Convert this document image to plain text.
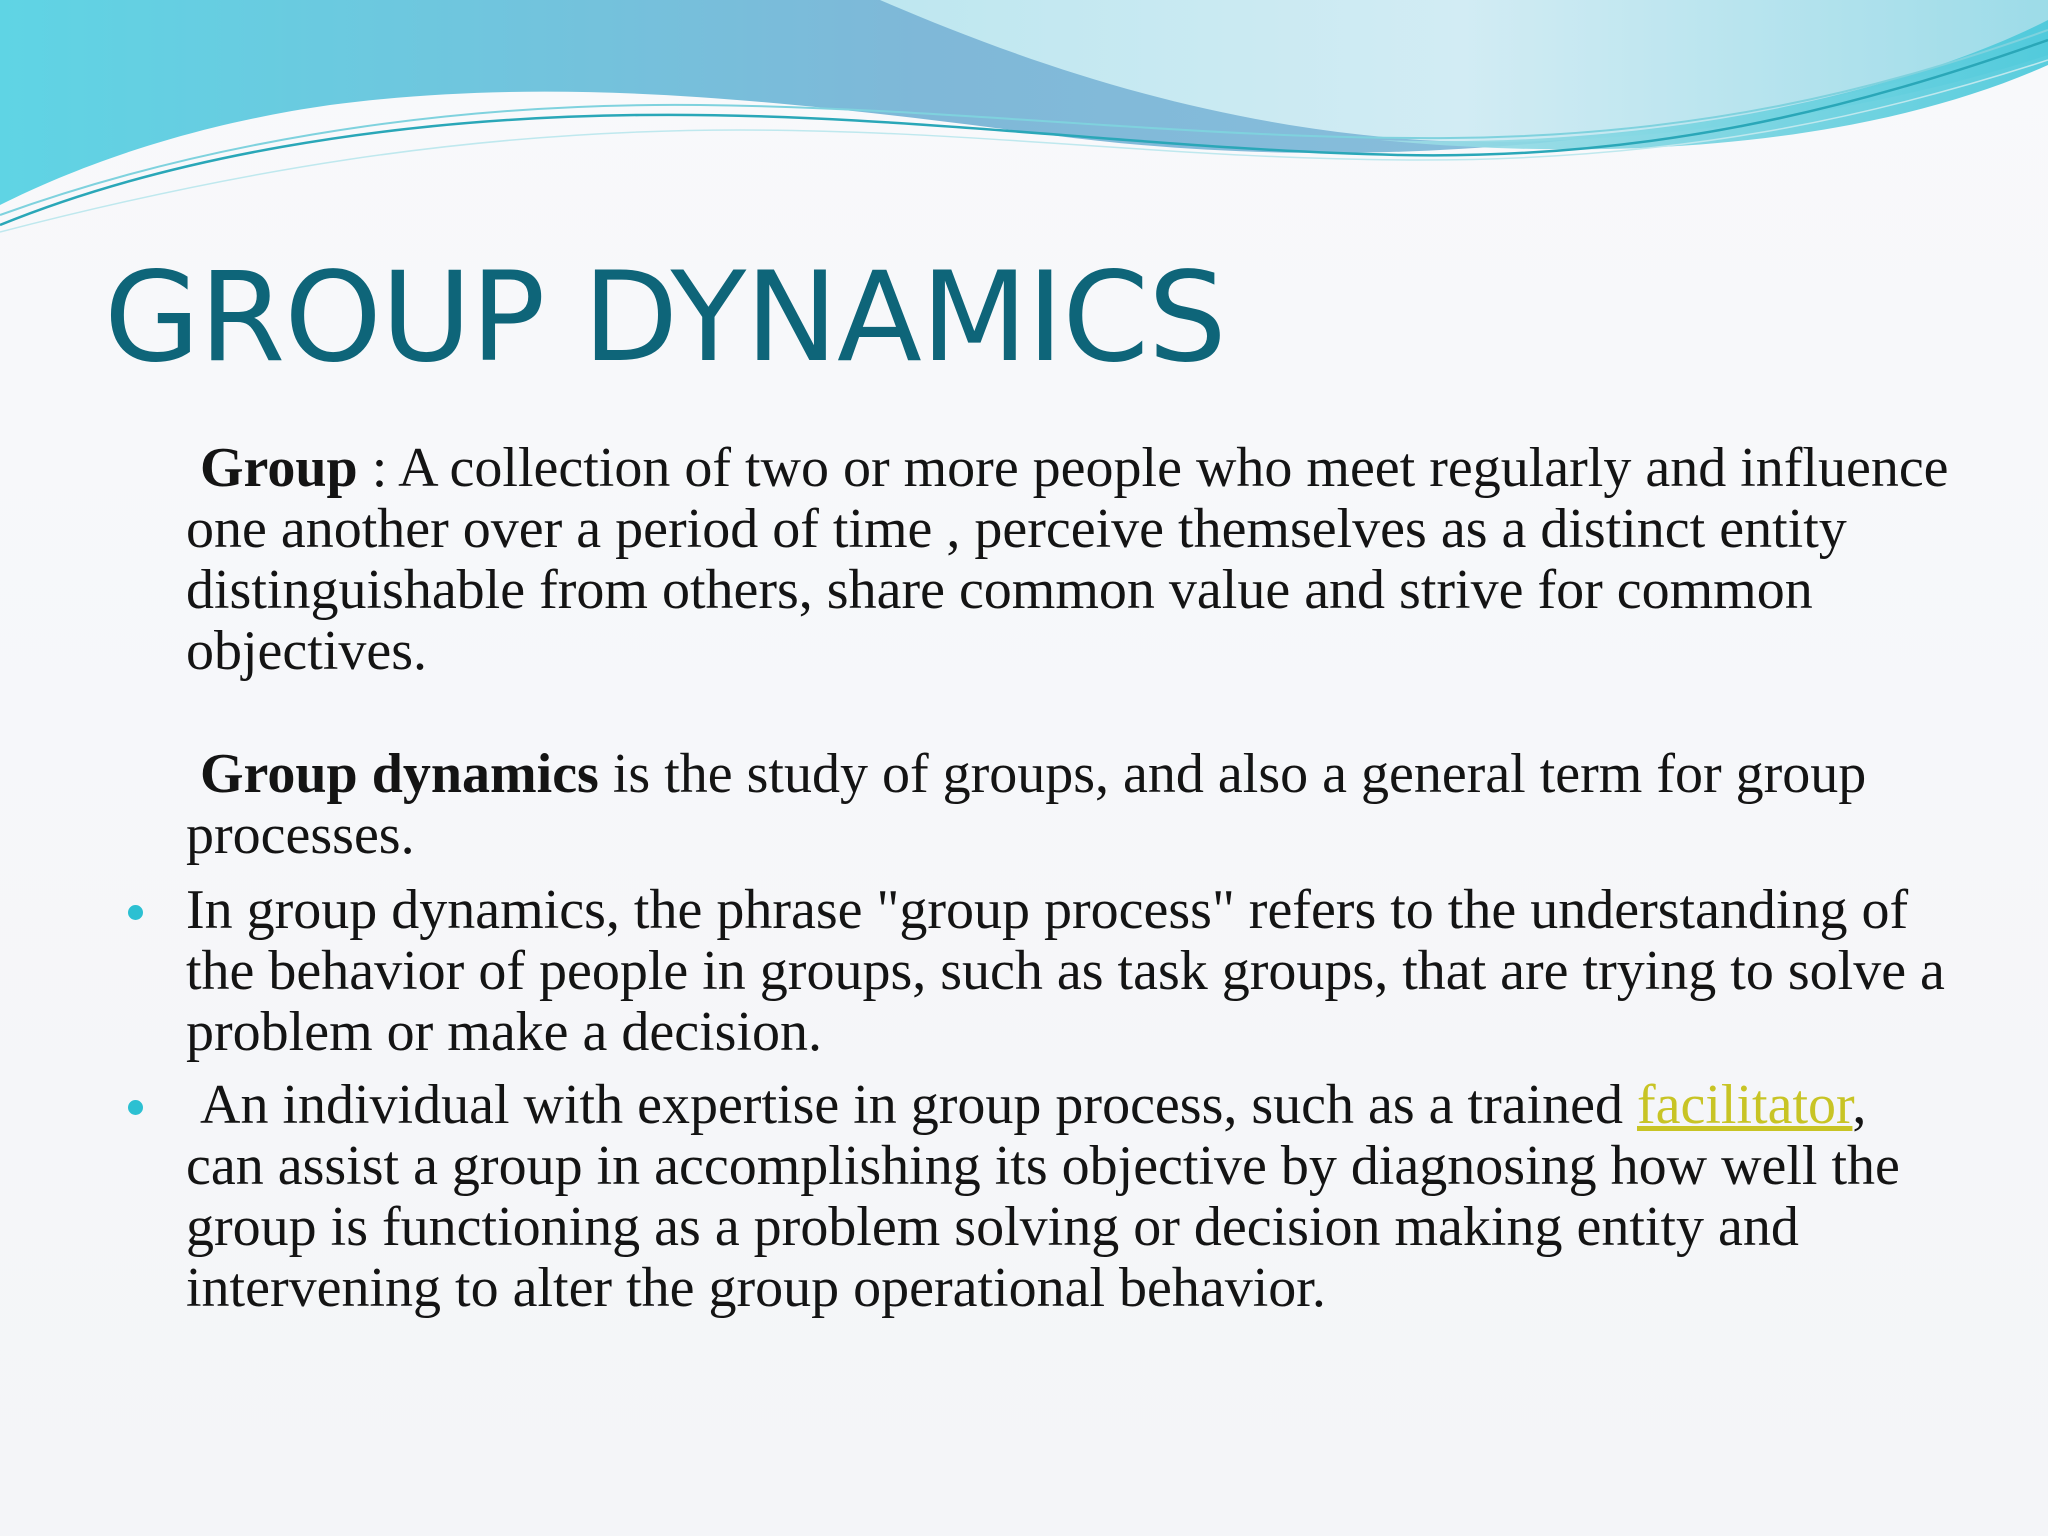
GROUP DYNAMICS

Group : A collection of two or more people who meet regularly and influence one another over a period of time , perceive themselves as a distinct entity distinguishable from others, share common value and strive for common objectives.

Group dynamics is the study of groups, and also a general term for group processes.

In group dynamics, the phrase "group process" refers to the understanding of the behavior of people in groups, such as task groups, that are trying to solve a problem or make a decision.
An individual with expertise in group process, such as a trained facilitator, can assist a group in accomplishing its objective by diagnosing how well the group is functioning as a problem solving or decision making entity and intervening to alter the group operational behavior.
